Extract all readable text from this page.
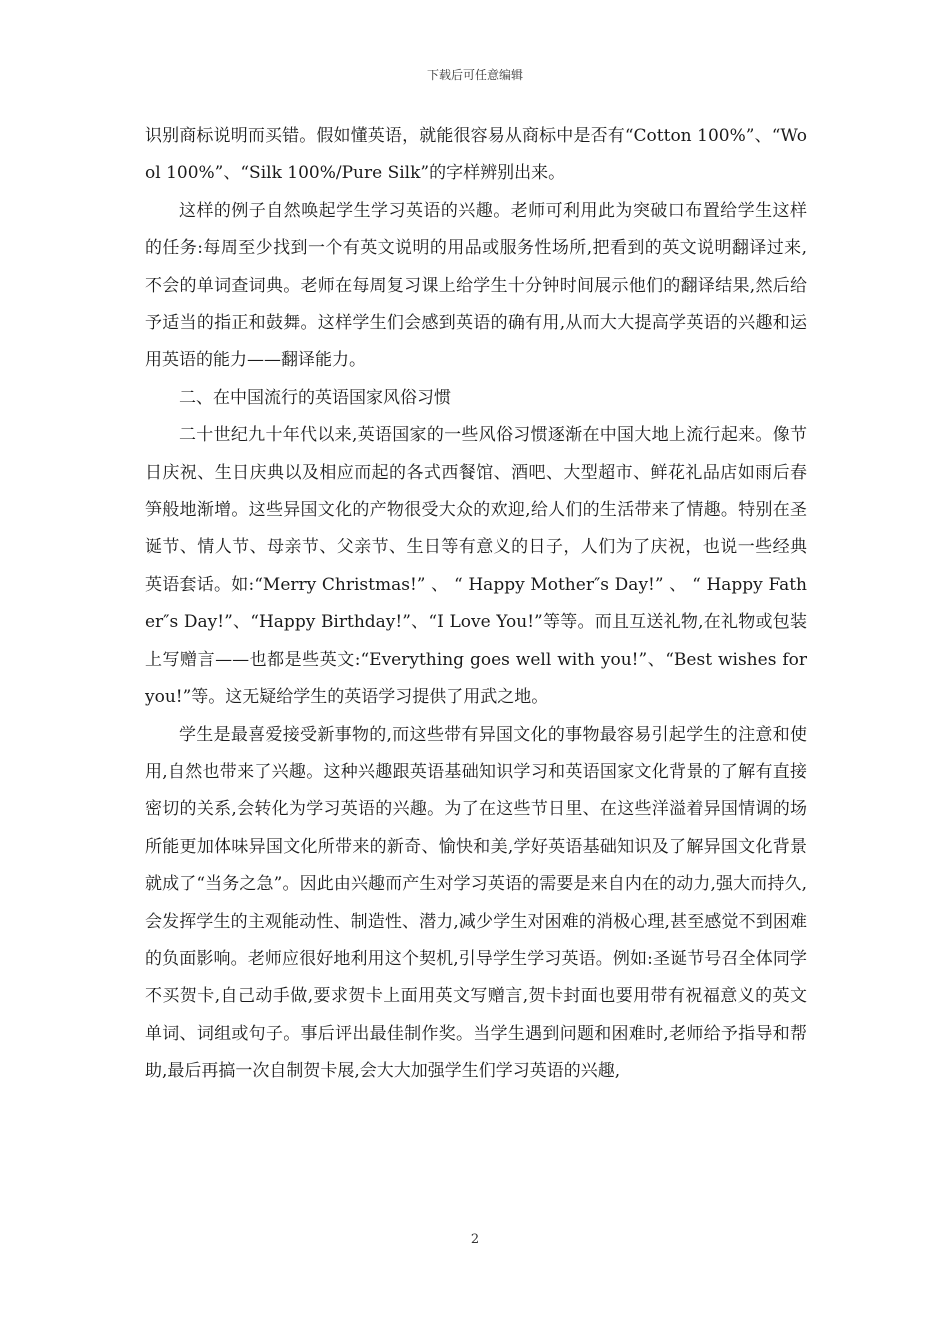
下载后可任意编辑

识别商标说明而买错。假如懂英语，就能很容易从商标中是否有“Cotton 100%”、“Wool 100%”、“Silk 100%/Pure Silk”的字样辨别出来。

这样的例子自然唤起学生学习英语的兴趣。老师可利用此为突破口布置给学生这样的任务:每周至少找到一个有英文说明的用品或服务性场所,把看到的英文说明翻译过来,不会的单词查词典。老师在每周复习课上给学生十分钟时间展示他们的翻译结果,然后给予适当的指正和鼓舞。这样学生们会感到英语的确有用,从而大大提高学英语的兴趣和运用英语的能力——翻译能力。

二、在中国流行的英语国家风俗习惯

二十世纪九十年代以来,英语国家的一些风俗习惯逐渐在中国大地上流行起来。像节日庆祝、生日庆典以及相应而起的各式西餐馆、酒吧、大型超市、鲜花礼品店如雨后春笋般地渐增。这些异国文化的产物很受大众的欢迎,给人们的生活带来了情趣。特别在圣诞节、情人节、母亲节、父亲节、生日等有意义的日子，人们为了庆祝，也说一些经典英语套话。如:“Merry Christmas!” 、 “ Happy Mother″s Day!” 、 “ Happy Father″s Day!”、“Happy Birthday!”、“I Love You!”等等。而且互送礼物,在礼物或包装上写赠言——也都是些英文:“Everything goes well with you!”、“Best wishes for you!”等。这无疑给学生的英语学习提供了用武之地。

学生是最喜爱接受新事物的,而这些带有异国文化的事物最容易引起学生的注意和使用,自然也带来了兴趣。这种兴趣跟英语基础知识学习和英语国家文化背景的了解有直接密切的关系,会转化为学习英语的兴趣。为了在这些节日里、在这些洋溢着异国情调的场所能更加体味异国文化所带来的新奇、愉快和美,学好英语基础知识及了解异国文化背景就成了“当务之急”。因此由兴趣而产生对学习英语的需要是来自内在的动力,强大而持久,会发挥学生的主观能动性、制造性、潜力,减少学生对困难的消极心理,甚至感觉不到困难的负面影响。老师应很好地利用这个契机,引导学生学习英语。例如:圣诞节号召全体同学不买贺卡,自己动手做,要求贺卡上面用英文写赠言,贺卡封面也要用带有祝福意义的英文单词、词组或句子。事后评出最佳制作奖。当学生遇到问题和困难时,老师给予指导和帮助,最后再搞一次自制贺卡展,会大大加强学生们学习英语的兴趣,

2
